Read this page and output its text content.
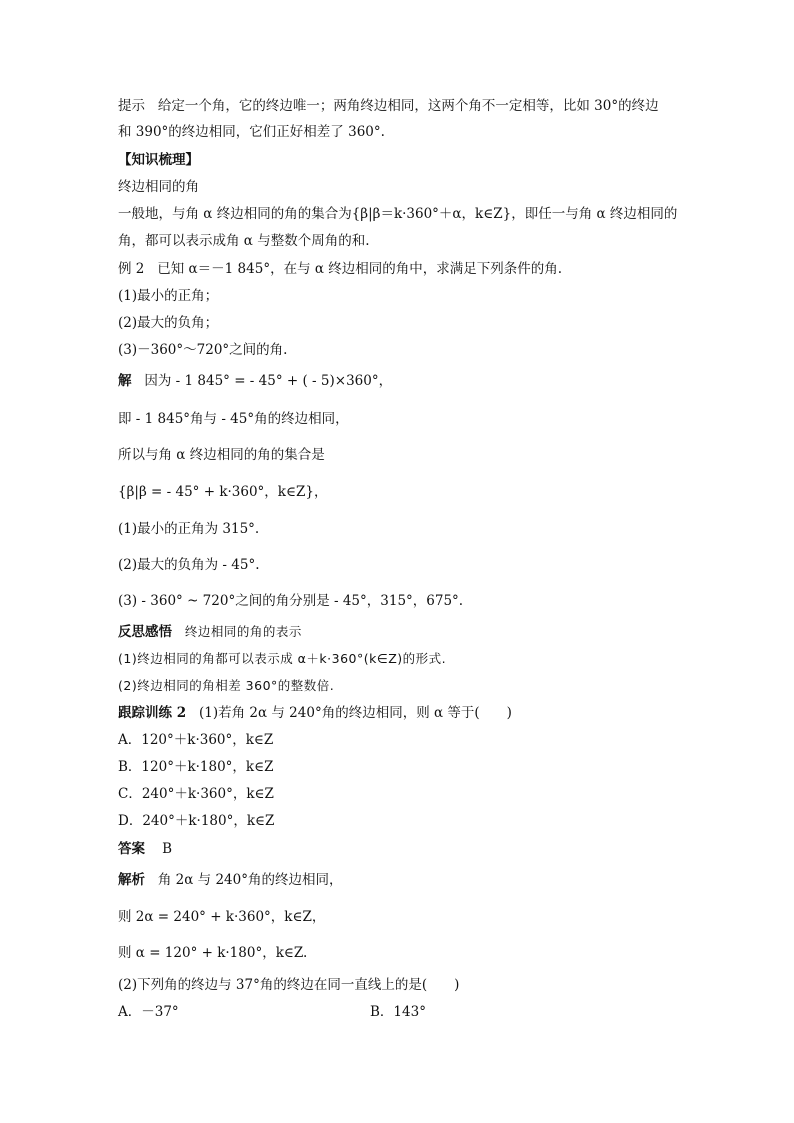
提示 给定一个角，它的终边唯一；两角终边相同，这两个角不一定相等，比如 30°的终边
和 390°的终边相同，它们正好相差了 360°.
【知识梳理】
终边相同的角
一般地，与角 α 终边相同的角的集合为{β|β＝k·360°＋α，k∈Z}，即任一与角 α 终边相同的
角，都可以表示成角 α 与整数个周角的和.
例 2 已知 α＝－1 845°，在与 α 终边相同的角中，求满足下列条件的角.
(1)最小的正角；
(2)最大的负角；
(3)－360°～720°之间的角.
解 因为 - 1 845° = - 45° + ( - 5)×360°，
即 - 1 845°角与 - 45°角的终边相同，
所以与角 α 终边相同的角的集合是
{β|β = - 45° + k·360°，k∈Z}，
(1)最小的正角为 315°.
(2)最大的负角为 - 45°.
(3) - 360° ~ 720°之间的角分别是 - 45°，315°，675°.
反思感悟 终边相同的角的表示
(1)终边相同的角都可以表示成 α＋k·360°(k∈Z)的形式.
(2)终边相同的角相差 360°的整数倍.
跟踪训练 2 (1)若角 2α 与 240°角的终边相同，则 α 等于(　　)
A．120°＋k·360°，k∈Z
B．120°＋k·180°，k∈Z
C．240°＋k·360°，k∈Z
D．240°＋k·180°，k∈Z
答案 B
解析 角 2α 与 240°角的终边相同，
则 2α = 240° + k·360°，k∈Z，
则 α = 120° + k·180°，k∈Z.
(2)下列角的终边与 37°角的终边在同一直线上的是(　　)
A．－37°	B．143°
